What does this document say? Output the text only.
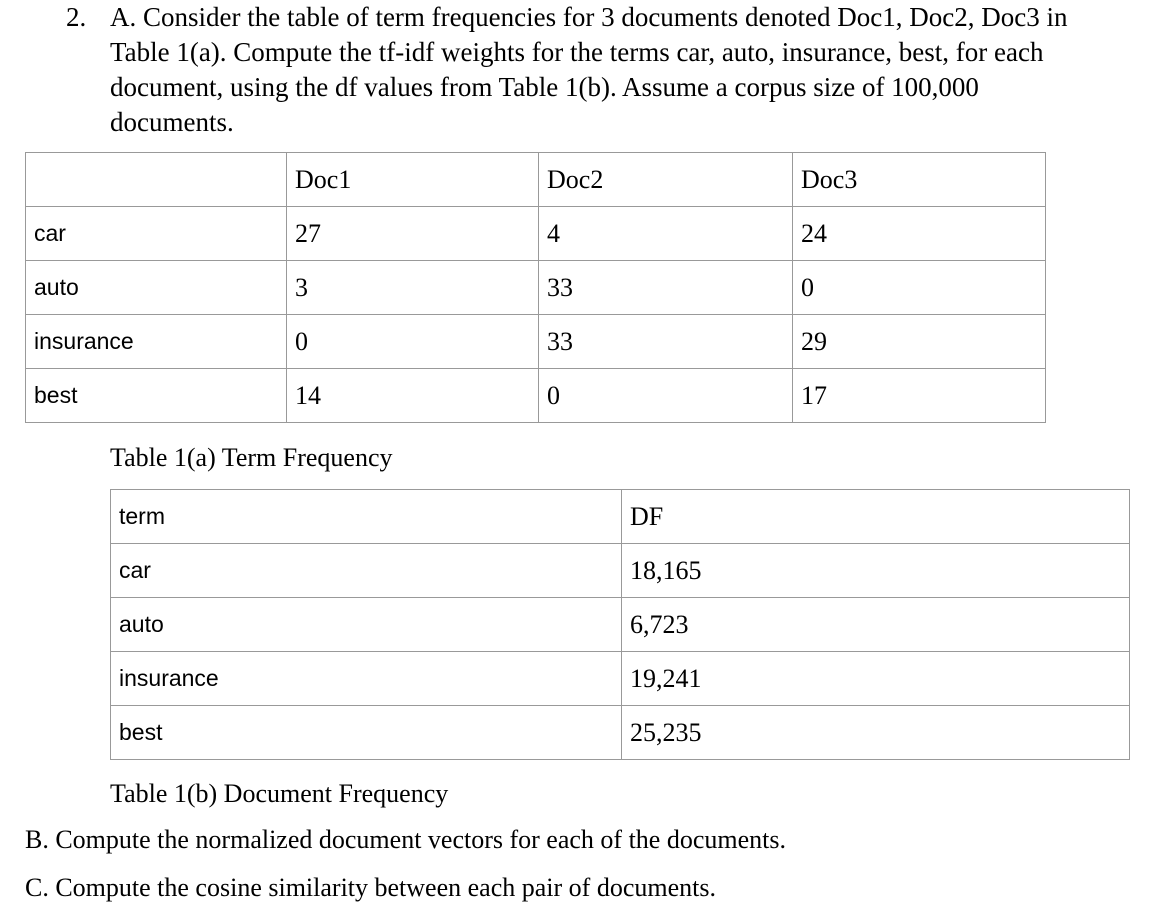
2. A. Consider the table of term frequencies for 3 documents denoted Doc1, Doc2, Doc3 in
Table 1(a). Compute the tf-idf weights for the terms car, auto, insurance, best, for each
document, using the df values from Table 1(b). Assume a corpus size of 100,000
documents.
	Doc1	Doc2	Doc3
car	27	4	24
auto	3	33	0
insurance	0	33	29
best	14	0	17
Table 1(a) Term Frequency
term	DF
car	18,165
auto	6,723
insurance	19,241
best	25,235
Table 1(b) Document Frequency
B. Compute the normalized document vectors for each of the documents.
C. Compute the cosine similarity between each pair of documents.
